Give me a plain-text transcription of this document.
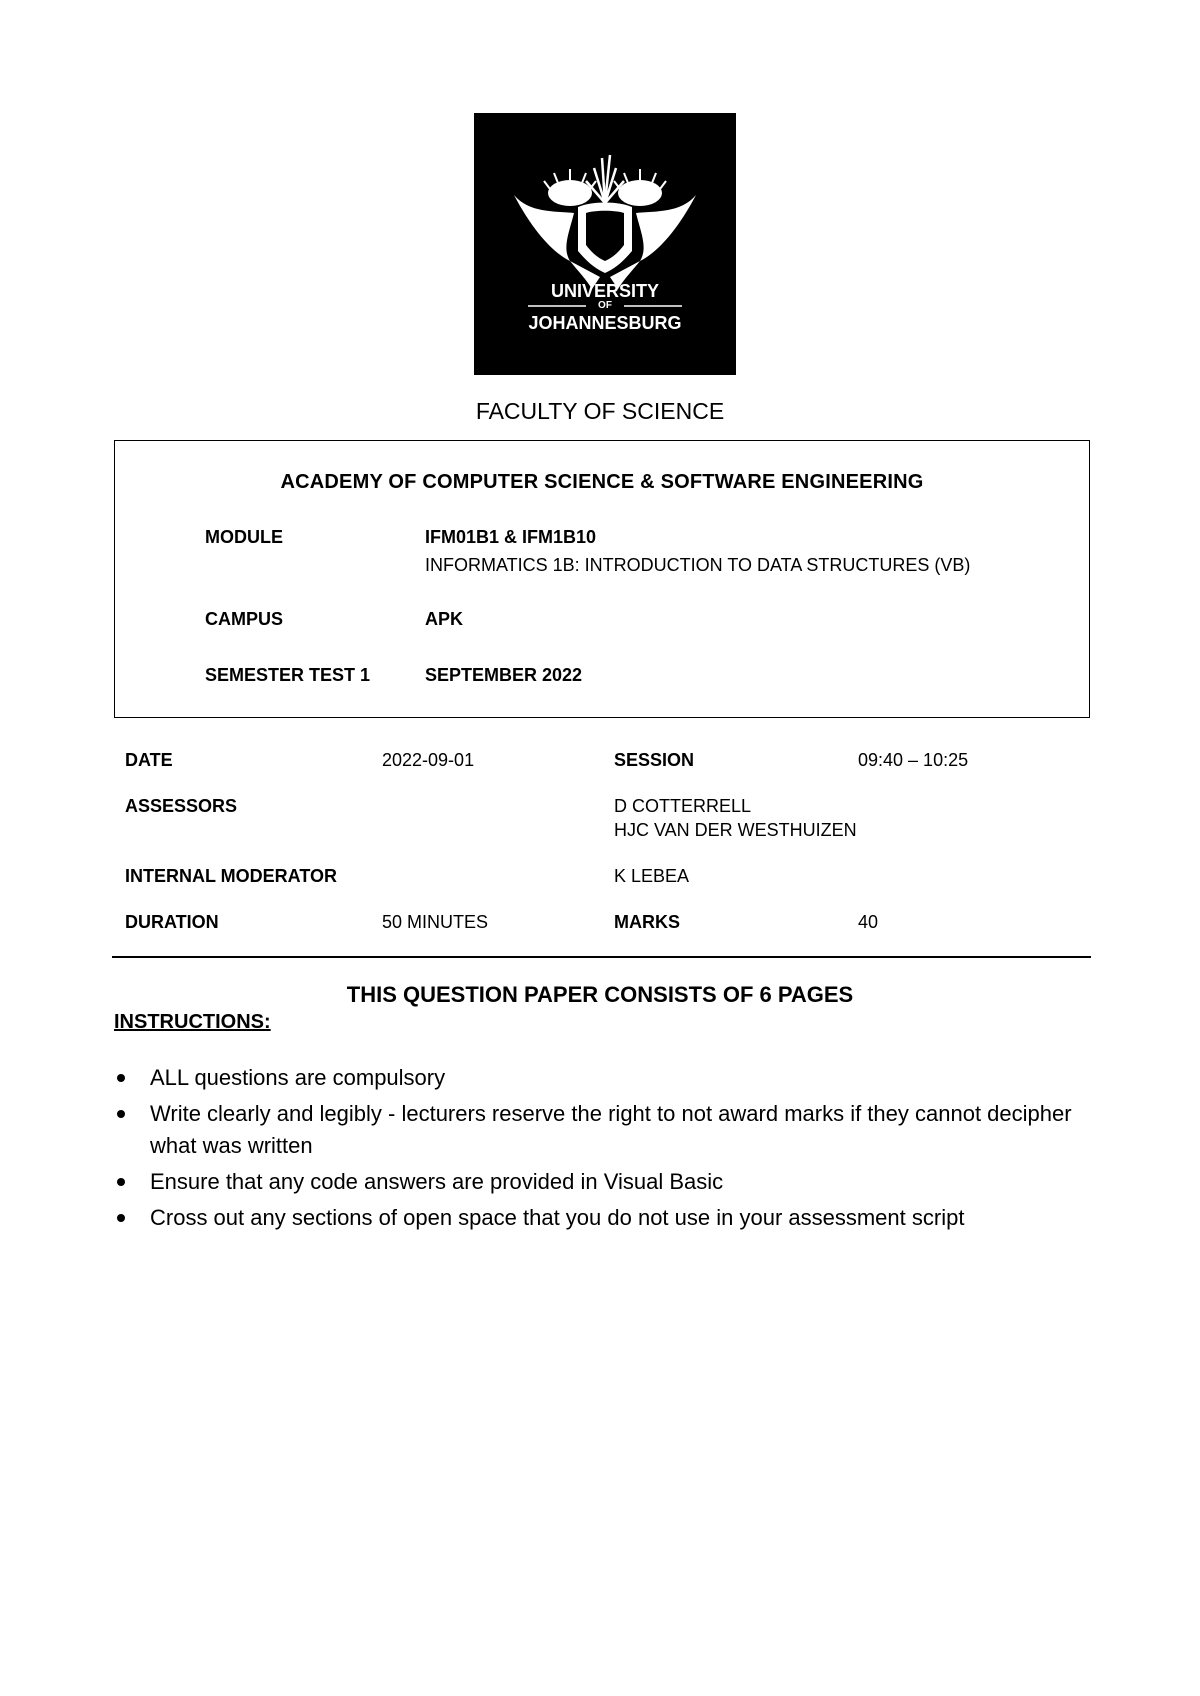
UNIVERSITY
OF
JOHANNESBURG
FACULTY OF SCIENCE
ACADEMY OF COMPUTER SCIENCE & SOFTWARE ENGINEERING
MODULE	IFM01B1 & IFM1B10
INFORMATICS 1B: INTRODUCTION TO DATA STRUCTURES (VB)
CAMPUS	APK
SEMESTER TEST 1	SEPTEMBER 2022
DATE	2022-09-01	SESSION	09:40 – 10:25
ASSESSORS	D COTTERRELL
HJC VAN DER WESTHUIZEN
INTERNAL MODERATOR	K LEBEA
DURATION	50 MINUTES	MARKS	40
THIS QUESTION PAPER CONSISTS OF 6 PAGES
INSTRUCTIONS:
ALL questions are compulsory
Write clearly and legibly - lecturers reserve the right to not award marks if they cannot decipher what was written
Ensure that any code answers are provided in Visual Basic
Cross out any sections of open space that you do not use in your assessment script
